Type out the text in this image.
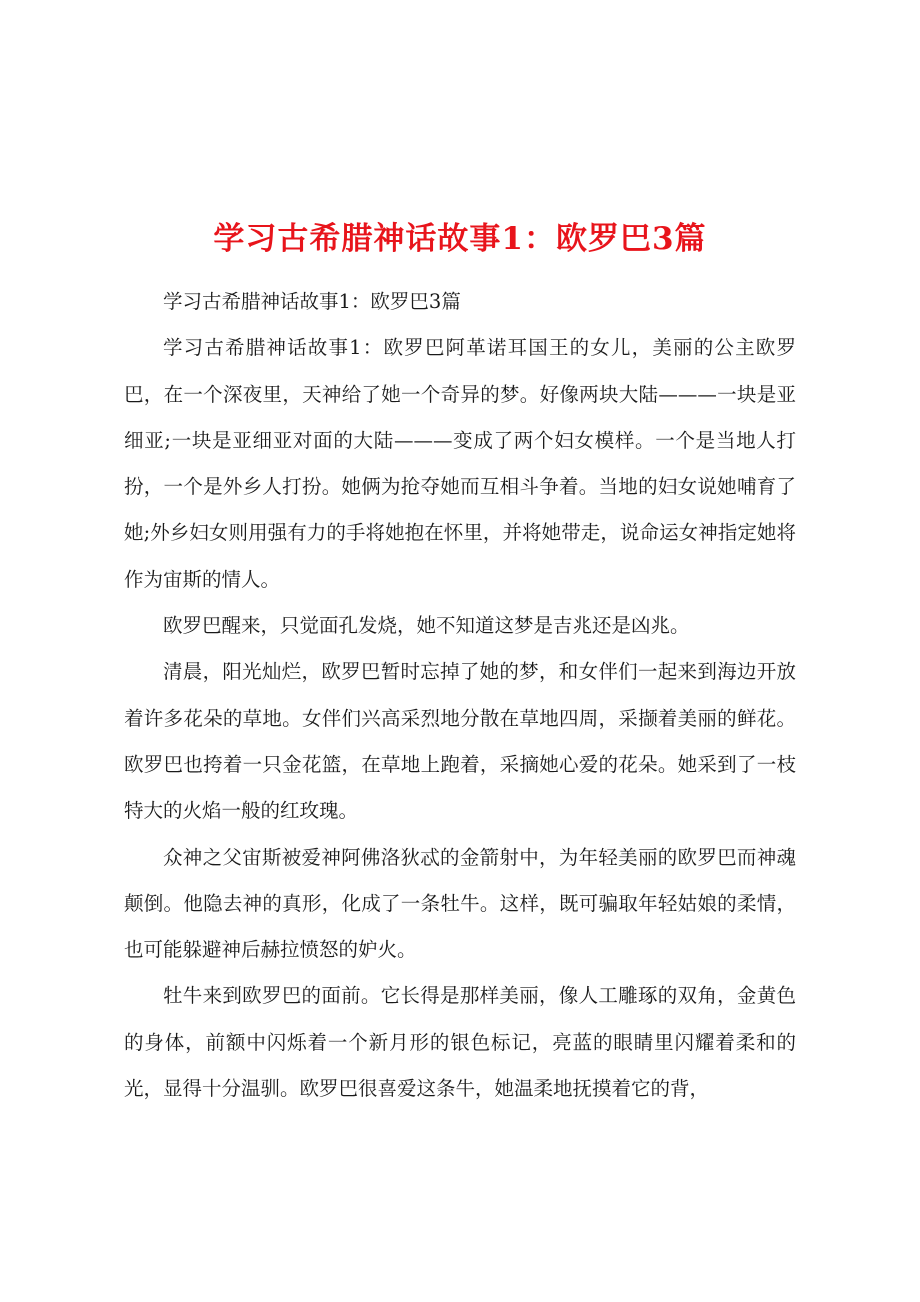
学习古希腊神话故事1：欧罗巴3篇

学习古希腊神话故事1：欧罗巴3篇

学习古希腊神话故事1：欧罗巴阿革诺耳国王的女儿，美丽的公主欧罗巴，在一个深夜里，天神给了她一个奇异的梦。好像两块大陆———一块是亚细亚;一块是亚细亚对面的大陆———变成了两个妇女模样。一个是当地人打扮，一个是外乡人打扮。她俩为抢夺她而互相斗争着。当地的妇女说她哺育了她;外乡妇女则用强有力的手将她抱在怀里，并将她带走，说命运女神指定她将作为宙斯的情人。

欧罗巴醒来，只觉面孔发烧，她不知道这梦是吉兆还是凶兆。

清晨，阳光灿烂，欧罗巴暂时忘掉了她的梦，和女伴们一起来到海边开放着许多花朵的草地。女伴们兴高采烈地分散在草地四周，采撷着美丽的鲜花。欧罗巴也挎着一只金花篮，在草地上跑着，采摘她心爱的花朵。她采到了一枝特大的火焰一般的红玫瑰。

众神之父宙斯被爱神阿佛洛狄忒的金箭射中，为年轻美丽的欧罗巴而神魂颠倒。他隐去神的真形，化成了一条牡牛。这样，既可骗取年轻姑娘的柔情，也可能躲避神后赫拉愤怒的妒火。

牡牛来到欧罗巴的面前。它长得是那样美丽，像人工雕琢的双角，金黄色的身体，前额中闪烁着一个新月形的银色标记，亮蓝的眼睛里闪耀着柔和的光，显得十分温驯。欧罗巴很喜爱这条牛，她温柔地抚摸着它的背，
